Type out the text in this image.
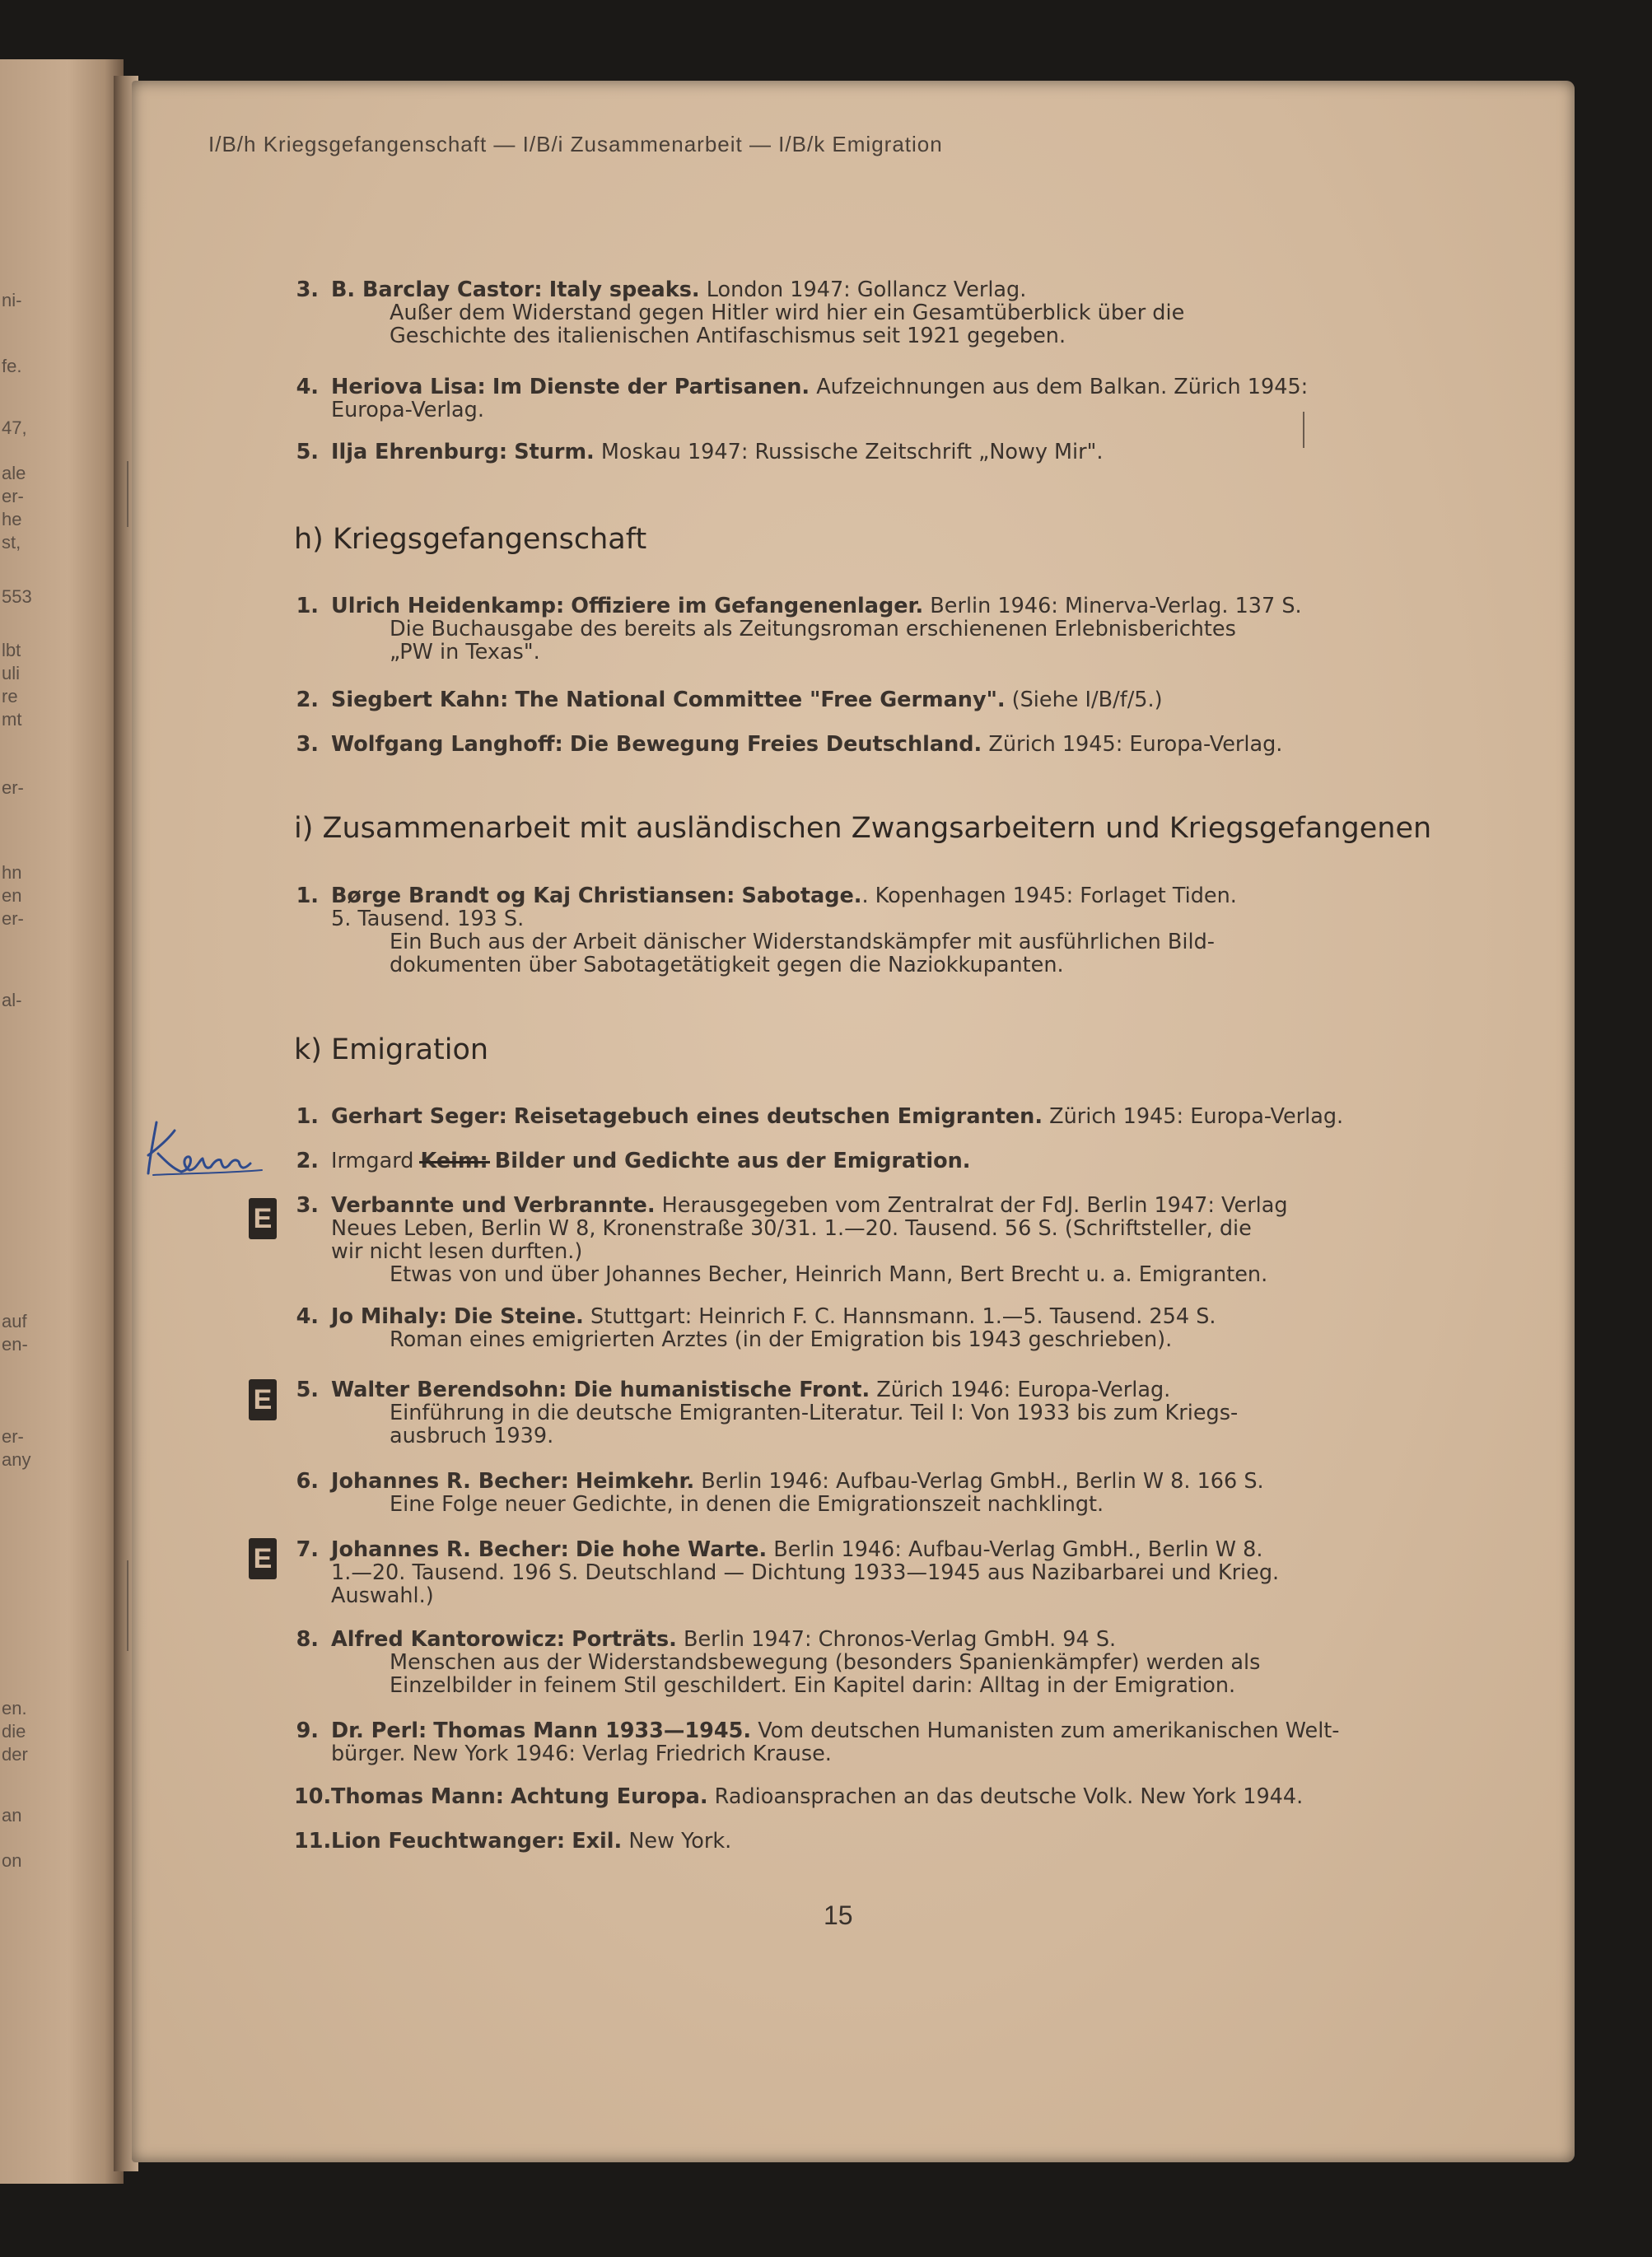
ni-
fe.
47,
ale
er-
he
st,
553
lbt
uli
re
mt
er-
hn
en
er-
al-
auf
en-
er-
any
en.
die
der
an
on
I/B/h Kriegsgefangenschaft — I/B/i Zusammenarbeit — I/B/k Emigration
3. B. Barclay Castor: Italy speaks. London 1947: Gollancz Verlag.
Außer dem Widerstand gegen Hitler wird hier ein Gesamtüberblick über die
Geschichte des italienischen Antifaschismus seit 1921 gegeben.
4. Heriova Lisa: Im Dienste der Partisanen. Aufzeichnungen aus dem Balkan. Zürich 1945:
Europa-Verlag.
5. Ilja Ehrenburg: Sturm. Moskau 1947: Russische Zeitschrift „Nowy Mir".
h) Kriegsgefangenschaft
1. Ulrich Heidenkamp: Offiziere im Gefangenenlager. Berlin 1946: Minerva-Verlag. 137 S.
Die Buchausgabe des bereits als Zeitungsroman erschienenen Erlebnisberichtes
„PW in Texas".
2. Siegbert Kahn: The National Committee "Free Germany". (Siehe I/B/f/5.)
3. Wolfgang Langhoff: Die Bewegung Freies Deutschland. Zürich 1945: Europa-Verlag.
i) Zusammenarbeit mit ausländischen Zwangsarbeitern und Kriegsgefangenen
1. Børge Brandt og Kaj Christiansen: Sabotage.. Kopenhagen 1945: Forlaget Tiden.
5. Tausend. 193 S.
Ein Buch aus der Arbeit dänischer Widerstandskämpfer mit ausführlichen Bild-
dokumenten über Sabotagetätigkeit gegen die Naziokkupanten.
k) Emigration
1. Gerhart Seger: Reisetagebuch eines deutschen Emigranten. Zürich 1945: Europa-Verlag.
2. Irmgard Keim: Bilder und Gedichte aus der Emigration.
3. Verbannte und Verbrannte. Herausgegeben vom Zentralrat der FdJ. Berlin 1947: Verlag
Neues Leben, Berlin W 8, Kronenstraße 30/31. 1.—20. Tausend. 56 S. (Schriftsteller, die
wir nicht lesen durften.)
Etwas von und über Johannes Becher, Heinrich Mann, Bert Brecht u. a. Emigranten.
4. Jo Mihaly: Die Steine. Stuttgart: Heinrich F. C. Hannsmann. 1.—5. Tausend. 254 S.
Roman eines emigrierten Arztes (in der Emigration bis 1943 geschrieben).
5. Walter Berendsohn: Die humanistische Front. Zürich 1946: Europa-Verlag.
Einführung in die deutsche Emigranten-Literatur. Teil I: Von 1933 bis zum Kriegs-
ausbruch 1939.
6. Johannes R. Becher: Heimkehr. Berlin 1946: Aufbau-Verlag GmbH., Berlin W 8. 166 S.
Eine Folge neuer Gedichte, in denen die Emigrationszeit nachklingt.
7. Johannes R. Becher: Die hohe Warte. Berlin 1946: Aufbau-Verlag GmbH., Berlin W 8.
1.—20. Tausend. 196 S. Deutschland — Dichtung 1933—1945 aus Nazibarbarei und Krieg.
Auswahl.)
8. Alfred Kantorowicz: Porträts. Berlin 1947: Chronos-Verlag GmbH. 94 S.
Menschen aus der Widerstandsbewegung (besonders Spanienkämpfer) werden als
Einzelbilder in feinem Stil geschildert. Ein Kapitel darin: Alltag in der Emigration.
9. Dr. Perl: Thomas Mann 1933—1945. Vom deutschen Humanisten zum amerikanischen Welt-
bürger. New York 1946: Verlag Friedrich Krause.
10. Thomas Mann: Achtung Europa. Radioansprachen an das deutsche Volk. New York 1944.
11. Lion Feuchtwanger: Exil. New York.
E
E
E
15
